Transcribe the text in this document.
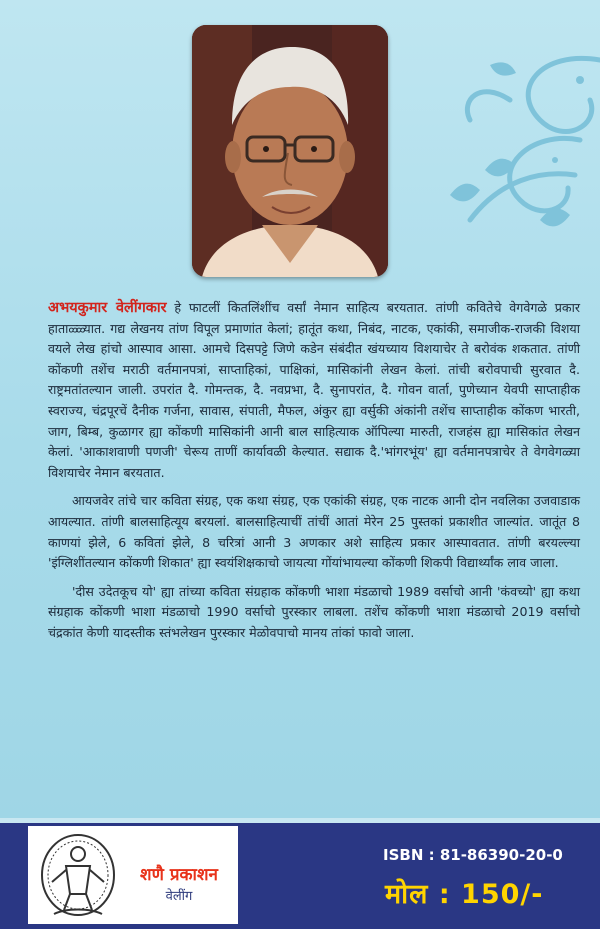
अभयकुमार वेलींगकार हे फाटलीं कितलिंशींच वर्सां नेमान साहित्य बरयतात. तांणी कवितेचे वेगवेगळे प्रकार हाताळ्ळ्यात. गद्य लेखनय तांण विपूल प्रमाणांत केलां; हातूंत कथा, निबंद, नाटक, एकांकी, समाजीक-राजकी विशया वयले लेख हांचो आस्पाव आसा. आमचे दिसपट्टे जिणे कडेन संबंदीत खंयच्याय विशयाचेर ते बरोवंक शकतात. तांणी कोंकणी तशेंच मराठी वर्तमानपत्रां, साप्ताहिकां, पाक्षिकां, मासिकांनी लेखन केलां. तांची बरोवपाची सुरवात दै. राष्ट्रमतांतल्यान जाली. उपरांत दै. गोमन्तक, दै. नवप्रभा, दै. सुनापरांत, दै. गोवन वार्ता, पुणेच्यान येवपी साप्ताहीक स्वराज्य, चंद्रपूरचें दैनीक गर्जना, सावास, संपाती, मैफल, अंकुर ह्या वर्सुकी अंकांनी तशेंच साप्ताहीक कोंकण भारती, जाग, बिम्ब, कुळागर ह्या कोंकणी मासिकांनी आनी बाल साहित्याक ऑपिल्या मारुती, राजहंस ह्या मासिकांत लेखन केलां. 'आकाशवाणी पणजी' चेरूय ताणीं कार्यावळी केल्यात. सद्याक दै.'भांगरभूंय' ह्या वर्तमानपत्राचेर ते वेगवेगळ्या विशयाचेर नेमान बरयतात.

आयजवेर तांचे चार कविता संग्रह, एक कथा संग्रह, एक एकांकी संग्रह, एक नाटक आनी दोन नवलिका उजवाडाक आयल्यात. तांणी बालसाहित्यूय बरयलां. बालसाहित्याचीं तांचीं आतां मेरेन 25 पुस्तकां प्रकाशीत जाल्यांत. जातूंत 8 काणयां झेले, 6 कवितां झेले, 8 चरित्रां आनी 3 अणकार अशे साहित्य प्रकार आस्पावतात. तांणी बरयल्ल्या 'इंग्लिशींतल्यान कोंकणी शिकात' ह्या स्वयंशिक्षकाचो जायत्या गोंयांभायल्या कोंकणी शिकपी विद्यार्थ्यांक लाव जाला.

'दीस उदेतकूच यो' ह्या तांच्या कविता संग्रहाक कोंकणी भाशा मंडळाचो 1989 वर्साचो आनी 'कंवच्यो' ह्या कथा संग्रहाक कोंकणी भाशा मंडळाचो 1990 वर्साचो पुरस्कार लाबला. तशेंच कोंकणी भाशा मंडळाचो 2019 वर्साचो चंद्रकांत केणी यादस्तीक स्तंभलेखन पुरस्कार मेळोवपाचो मानय तांकां फावो जाला.

शणै प्रकाशन
वेलींग
ISBN : 81-86390-20-0
मोल : 150/-
